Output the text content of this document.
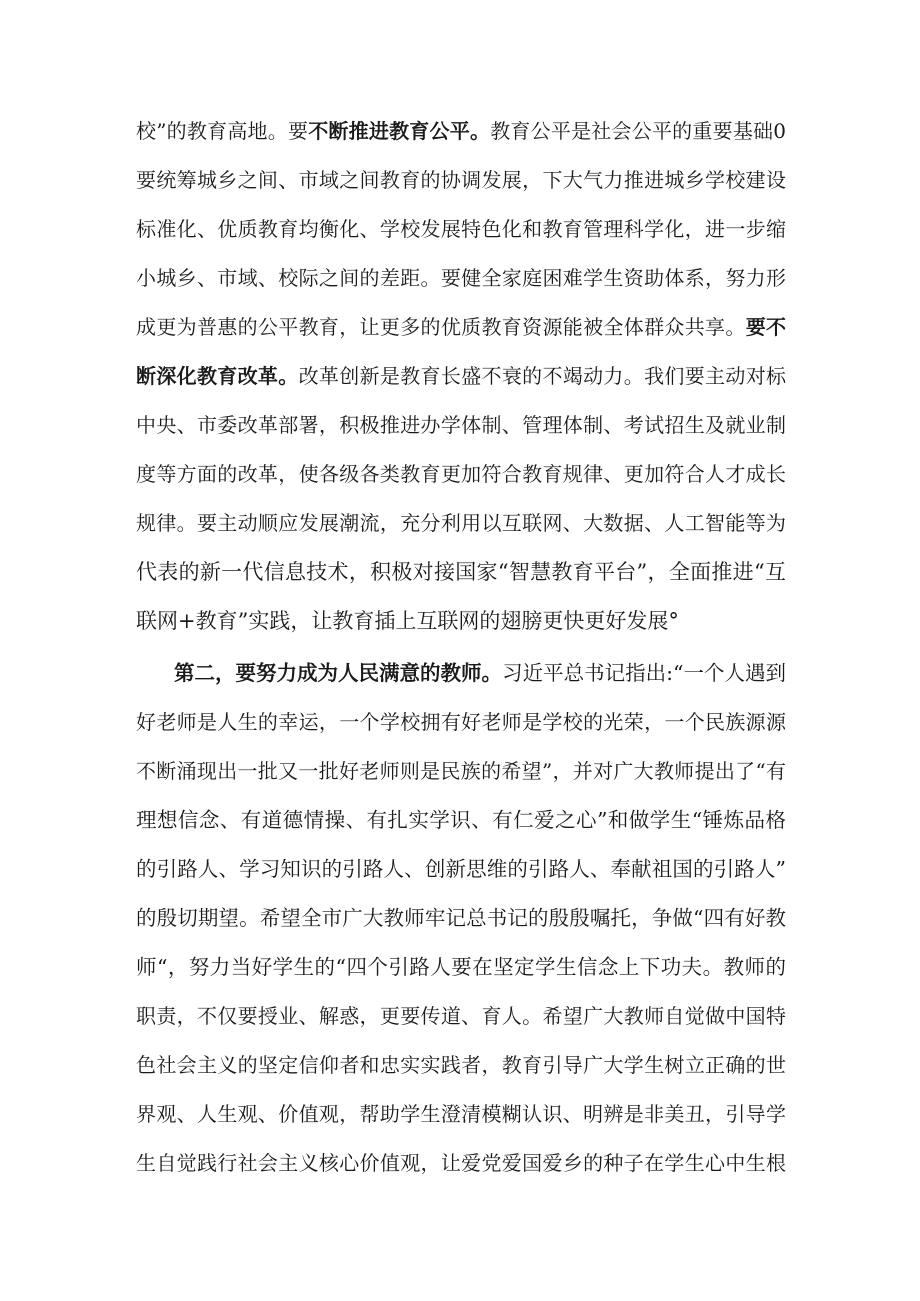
校”的教育高地。要不断推进教育公平。教育公平是社会公平的重要基础0
要统筹城乡之间、市域之间教育的协调发展，下大气力推进城乡学校建设
标准化、优质教育均衡化、学校发展特色化和教育管理科学化，进一步缩
小城乡、市域、校际之间的差距。要健全家庭困难学生资助体系，努力形
成更为普惠的公平教育，让更多的优质教育资源能被全体群众共享。要不
断深化教育改革。改革创新是教育长盛不衰的不竭动力。我们要主动对标
中央、市委改革部署，积极推进办学体制、管理体制、考试招生及就业制
度等方面的改革，使各级各类教育更加符合教育规律、更加符合人才成长
规律。要主动顺应发展潮流，充分利用以互联网、大数据、人工智能等为
代表的新一代信息技术，积极对接国家“智慧教育平台”，全面推进“互
联网+教育”实践，让教育插上互联网的翅膀更快更好发展°
第二，要努力成为人民满意的教师。习近平总书记指出:“一个人遇到
好老师是人生的幸运，一个学校拥有好老师是学校的光荣，一个民族源源
不断涌现出一批又一批好老师则是民族的希望”，并对广大教师提出了“有
理想信念、有道德情操、有扎实学识、有仁爱之心”和做学生“锤炼品格
的引路人、学习知识的引路人、创新思维的引路人、奉献祖国的引路人”
的殷切期望。希望全市广大教师牢记总书记的殷殷嘱托，争做“四有好教
师“，努力当好学生的“四个引路人要在坚定学生信念上下功夫。教师的
职责，不仅要授业、解惑，更要传道、育人。希望广大教师自觉做中国特
色社会主义的坚定信仰者和忠实实践者，教育引导广大学生树立正确的世
界观、人生观、价值观，帮助学生澄清模糊认识、明辨是非美丑，引导学
生自觉践行社会主义核心价值观，让爱党爱国爱乡的种子在学生心中生根
